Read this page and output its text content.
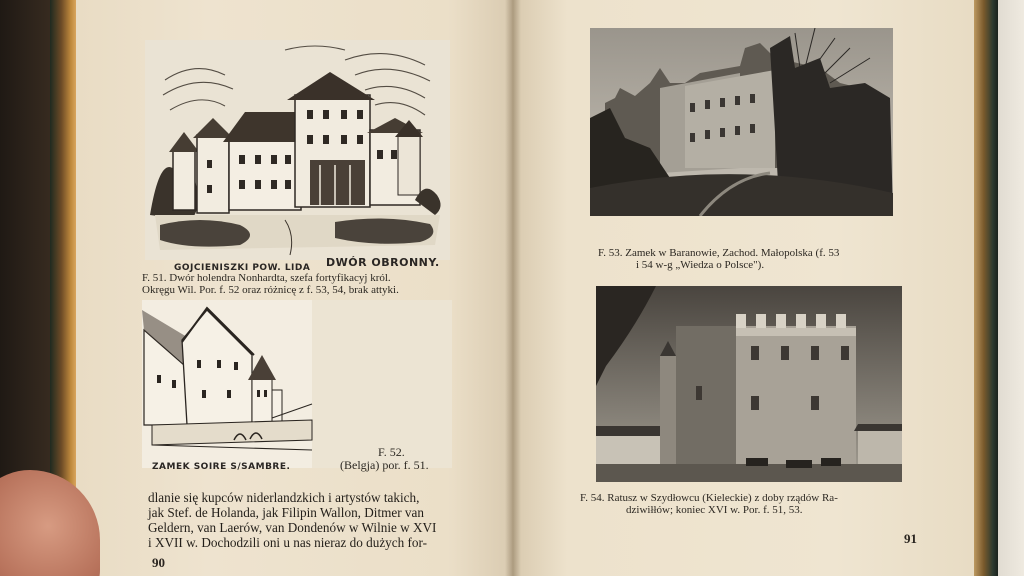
GOJCIENISZKI POW. LIDA DWÓR OBRONNY.
F. 51. Dwór holendra Nonhardta, szefa fortyfikacyj król.
Okręgu Wil. Por. f. 52 oraz różnicę z f. 53, 54, brak attyki.
ZAMEK SOIRE S/SAMBRE.
F. 52.
(Belgja) por. f. 51.
dlanie się kupców niderlandzkich i artystów takich,
jak Stef. de Holanda, jak Filipin Wallon, Ditmer van
Geldern, van Laerów, van Dondenów w Wilnie w XVI
i XVII w. Dochodzili oni u nas nieraz do dużych for-
90
F. 53. Zamek w Baranowie, Zachod. Małopolska (f. 53
i 54 w-g „Wiedza o Polsce").
F. 54. Ratusz w Szydłowcu (Kieleckie) z doby rządów Ra-
dziwiłłów; koniec XVI w. Por. f. 51, 53.
91
